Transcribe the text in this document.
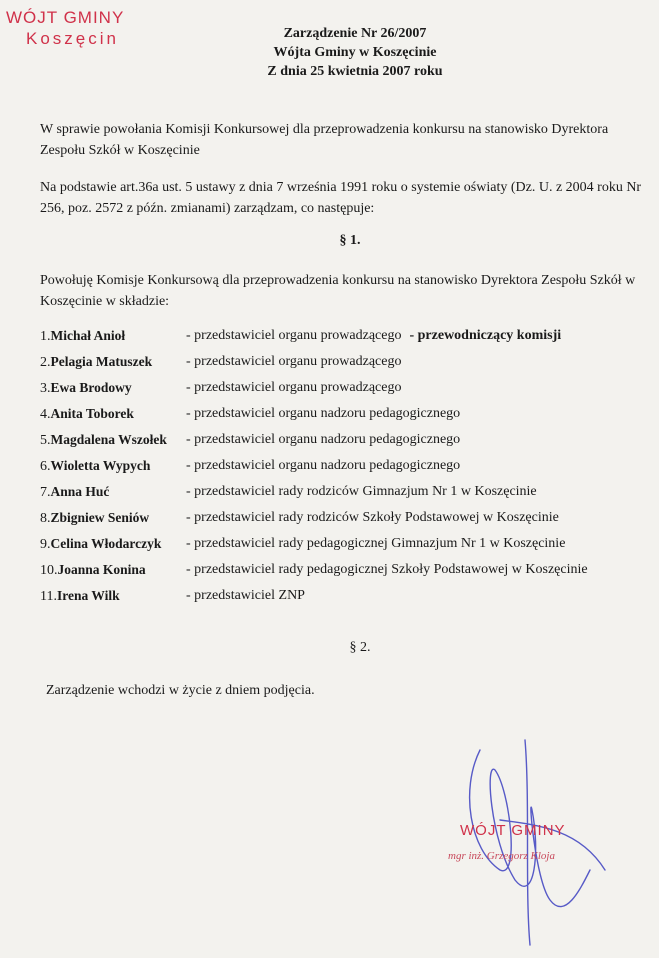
WÓJT GMINY
Koszęcin	Zarządzenie Nr 26/2007
Wójta Gminy w Koszęcinie
Z dnia 25 kwietnia 2007 roku
W sprawie powołania Komisji Konkursowej dla przeprowadzenia konkursu na stanowisko Dyrektora Zespołu Szkół w Koszęcinie
Na podstawie art.36a ust. 5 ustawy z dnia 7 września 1991 roku o systemie oświaty (Dz. U. z 2004 roku Nr 256, poz. 2572 z późn. zmianami) zarządzam, co następuje:
§ 1.
Powołuję Komisje Konkursową dla przeprowadzenia konkursu na stanowisko Dyrektora Zespołu Szkół w Koszęcinie w składzie:
1.Michał Anioł	- przedstawiciel organu prowadzącego - przewodniczący komisji
2.Pelagia Matuszek - przedstawiciel organu prowadzącego
3.Ewa Brodowy	- przedstawiciel organu prowadzącego
4.Anita Toborek	- przedstawiciel organu nadzoru pedagogicznego
5.Magdalena Wszołek - przedstawiciel organu nadzoru pedagogicznego
6.Wioletta Wypych	- przedstawiciel organu nadzoru pedagogicznego
7.Anna Huć	- przedstawiciel rady rodziców Gimnazjum Nr 1 w Koszęcinie
8.Zbigniew Seniów	- przedstawiciel rady rodziców Szkoły Podstawowej w Koszęcinie
9.Celina Włodarczyk - przedstawiciel rady pedagogicznej Gimnazjum Nr 1 w Koszęcinie
10.Joanna Konina	- przedstawiciel rady pedagogicznej Szkoły Podstawowej w Koszęcinie
11.Irena Wilk	- przedstawiciel ZNP
§ 2.
Zarządzenie wchodzi w życie z dniem podjęcia.
WÓJT GMINY
mgr inż. Grzegorz Kloja
